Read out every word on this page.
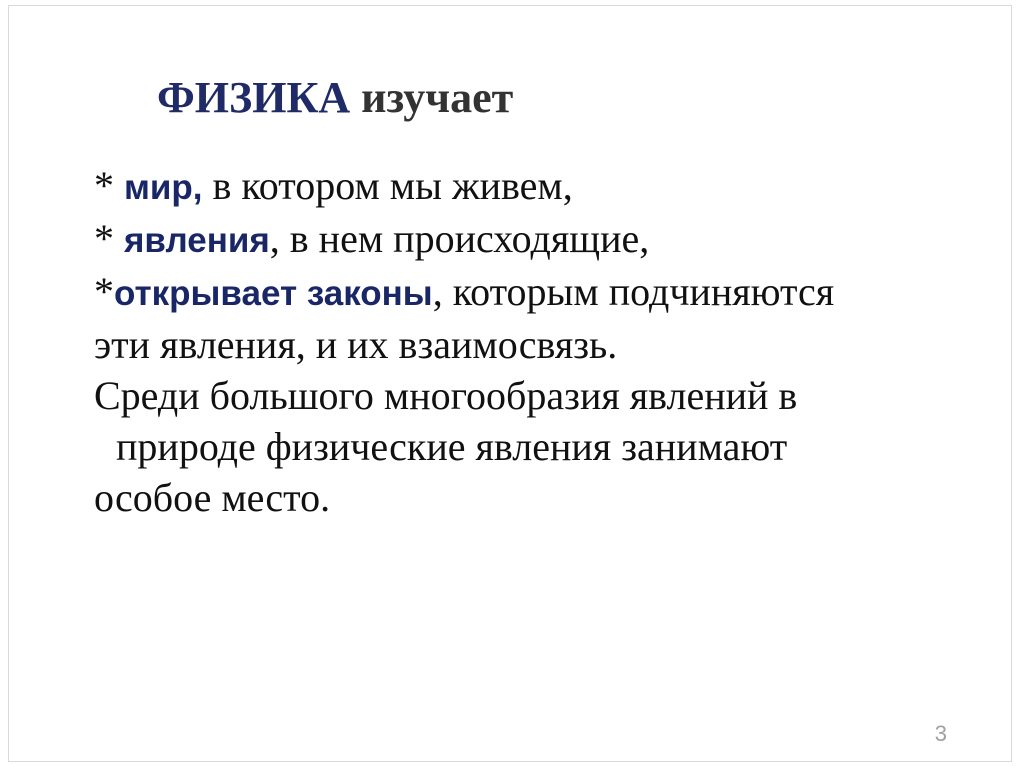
ФИЗИКА изучает
* мир, в котором мы живем,
* явления, в нем происходящие,
*открывает законы, которым подчиняются
эти явления, и их взаимосвязь.
Среди большого многообразия явлений в
природе физические явления занимают
особое место.
3
